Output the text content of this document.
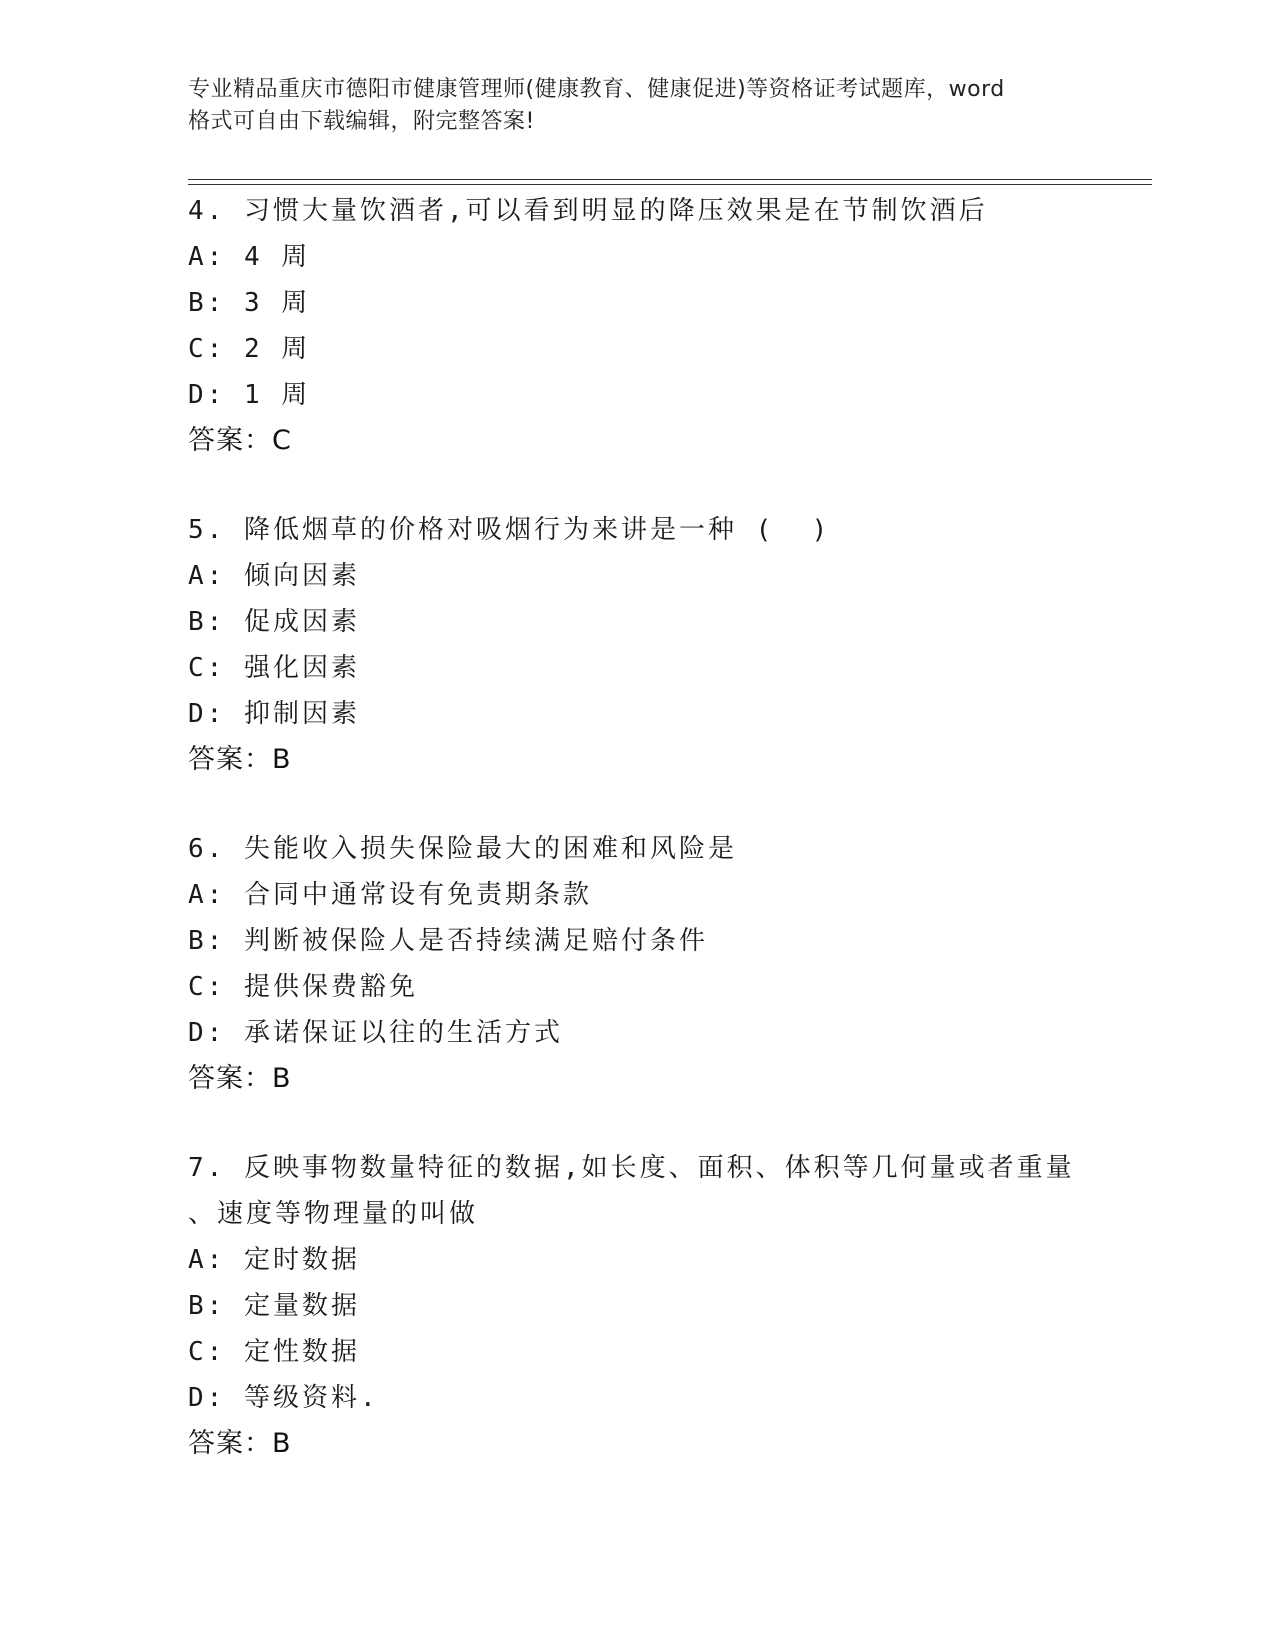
专业精品重庆市德阳市健康管理师(健康教育、健康促进)等资格证考试题库，word
格式可自由下载编辑，附完整答案!
4. 习惯大量饮酒者,可以看到明显的降压效果是在节制饮酒后
A: 4 周
B: 3 周
C: 2 周
D: 1 周
答案：C
5. 降低烟草的价格对吸烟行为来讲是一种 (  )
A: 倾向因素
B: 促成因素
C: 强化因素
D: 抑制因素
答案：B
6. 失能收入损失保险最大的困难和风险是
A: 合同中通常设有免责期条款
B: 判断被保险人是否持续满足赔付条件
C: 提供保费豁免
D: 承诺保证以往的生活方式
答案：B
7. 反映事物数量特征的数据,如长度、面积、体积等几何量或者重量
、速度等物理量的叫做
A: 定时数据
B: 定量数据
C: 定性数据
D: 等级资料.
答案：B
